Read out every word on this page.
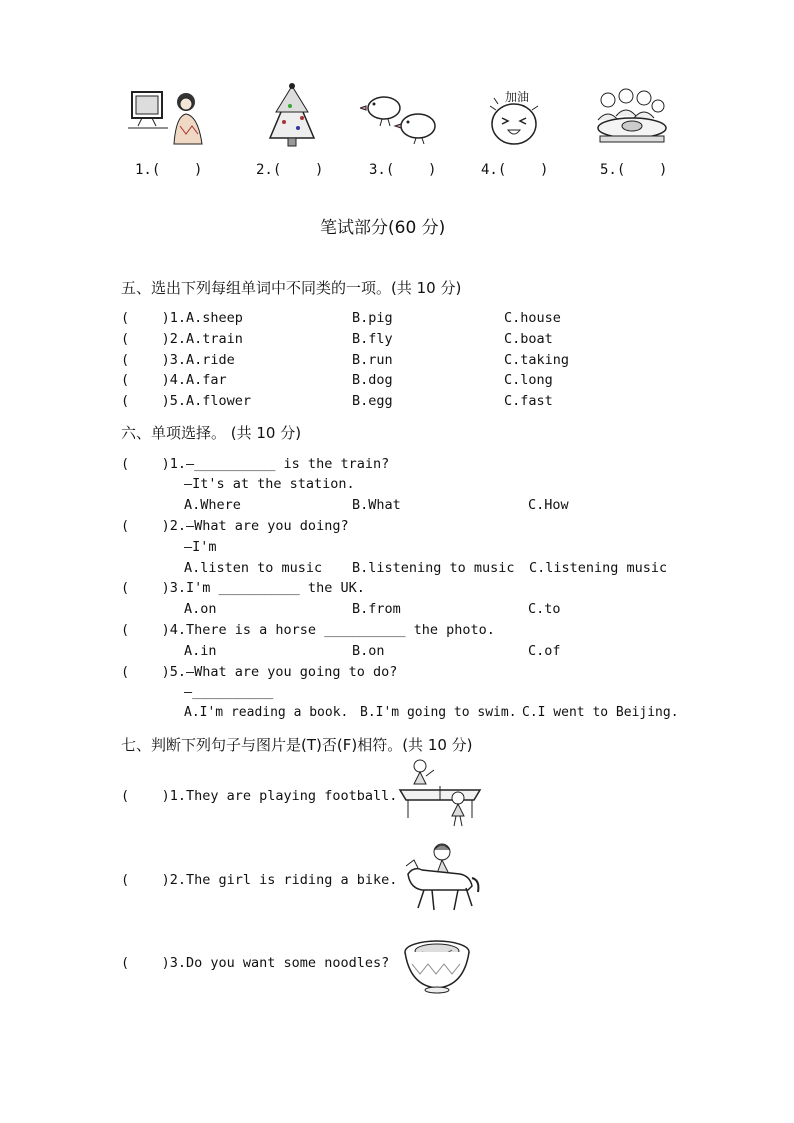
加油
1.(    )	2.(    )	3.(    )	4.(    )	5.(    )
笔试部分(60 分)
五、选出下列每组单词中不同类的一项。(共 10 分)
(    )1.A.sheep	B.pig	C.house
(    )2.A.train	B.fly	C.boat
(    )3.A.ride	B.run	C.taking
(    )4.A.far	B.dog	C.long
(    )5.A.flower	B.egg	C.fast
六、单项选择。 (共 10 分)
(    )1.—__________ is the train?
—It's at the station.
A.Where	B.What	C.How
(    )2.—What are you doing?
—I'm
A.listen to music B.listening to music C.listening music
(    )3.I'm __________ the UK.
A.on	B.from	C.to
(    )4.There is a horse __________ the photo.
A.in	B.on	C.of
(    )5.—What are you going to do?
—__________
A.I'm reading a book. B.I'm going to swim. C.I went to Beijing.
七、判断下列句子与图片是(T)否(F)相符。(共 10 分)
(    )1.They are playing football.
(    )2.The girl is riding a bike.
(    )3.Do you want some noodles?
